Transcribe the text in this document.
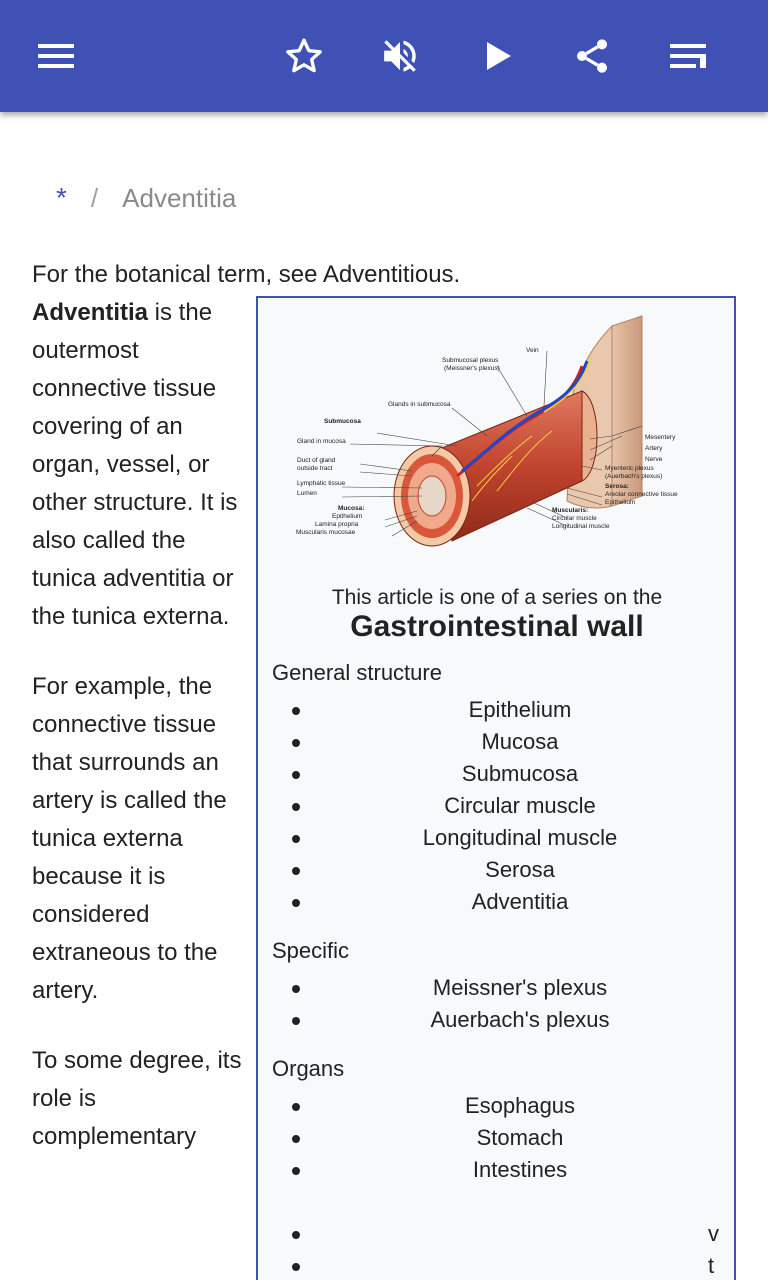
* / Adventitia
For the botanical term, see Adventitious.

Adventitia is the outermost connective tissue covering of an organ, vessel, or other structure. It is also called the tunica adventitia or the tunica externa.

For example, the connective tissue that surrounds an artery is called the tunica externa because it is considered extraneous to the artery.

To some degree, its role is complementary

Submucosal plexus
(Meissner's plexus)
Vein
Glands in submucosa
Submucosa
Gland in mucosa
Duct of gland
outside tract
Lymphatic tissue
Lumen
Mucosa:
Epithelium
Lamina propria
Muscularis mucosae
Mesentery
Artery
Nerve
Myenteric plexus
(Auerbach's plexus)
Serosa:
Areolar connective tissue
Epithelium
Muscularis:
Circular muscle
Longitudinal muscle
This article is one of a series on the
Gastrointestinal wall
General structure
Epithelium
Mucosa
Submucosa
Circular muscle
Longitudinal muscle
Serosa
Adventitia
Specific
Meissner's plexus
Auerbach's plexus
Organs
Esophagus
Stomach
Intestines
v
t
